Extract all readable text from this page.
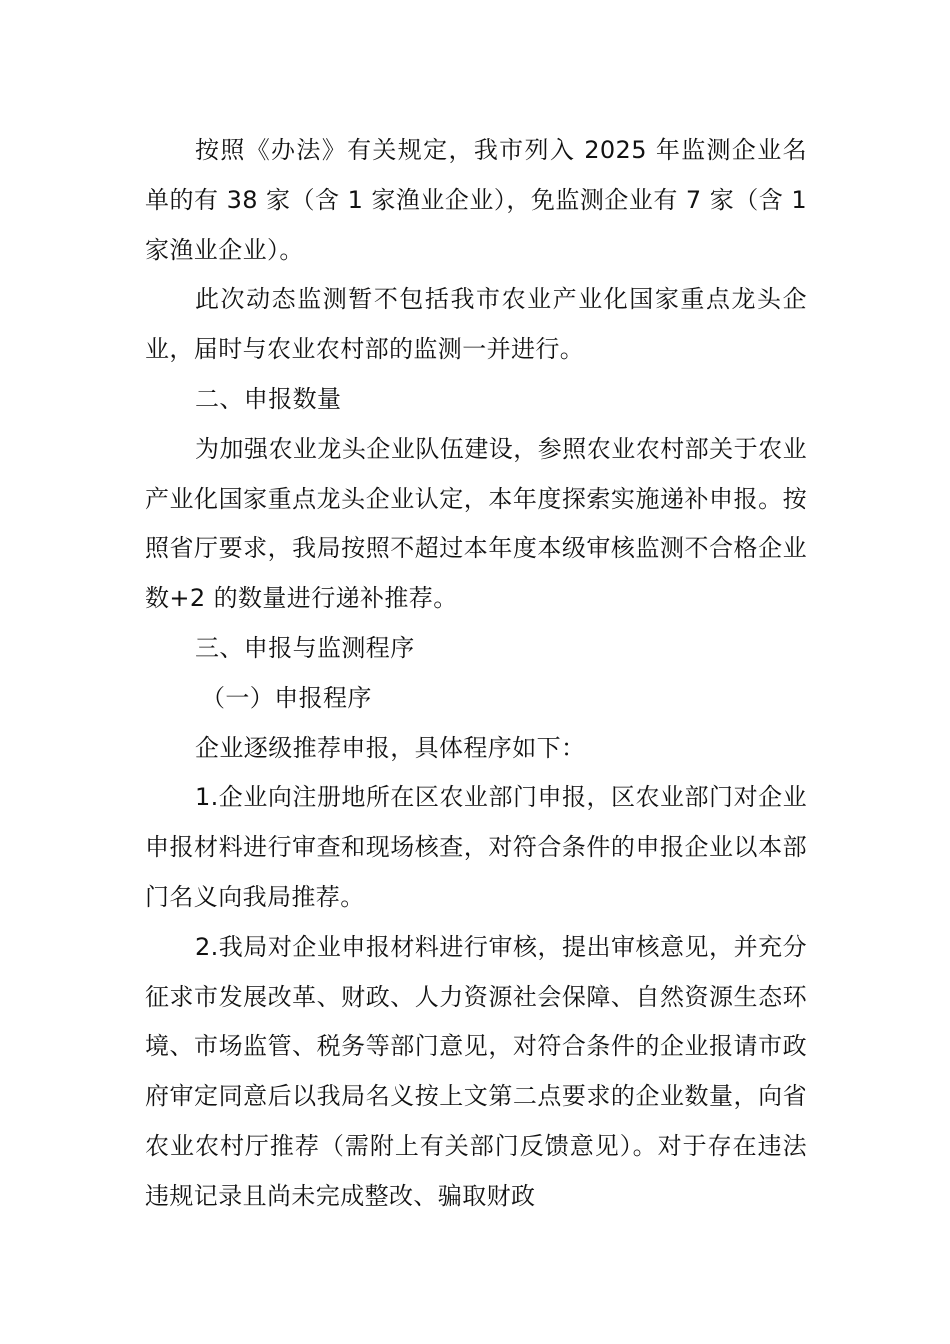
按照《办法》有关规定，我市列入 2025 年监测企业名单的有 38 家（含 1 家渔业企业），免监测企业有 7 家（含 1 家渔业企业）。

此次动态监测暂不包括我市农业产业化国家重点龙头企业，届时与农业农村部的监测一并进行。

二、申报数量

为加强农业龙头企业队伍建设，参照农业农村部关于农业产业化国家重点龙头企业认定，本年度探索实施递补申报。按照省厅要求，我局按照不超过本年度本级审核监测不合格企业数+2 的数量进行递补推荐。

三、申报与监测程序

（一）申报程序

企业逐级推荐申报，具体程序如下：

1.企业向注册地所在区农业部门申报，区农业部门对企业申报材料进行审查和现场核查，对符合条件的申报企业以本部门名义向我局推荐。

2.我局对企业申报材料进行审核，提出审核意见，并充分征求市发展改革、财政、人力资源社会保障、自然资源生态环境、市场监管、税务等部门意见，对符合条件的企业报请市政府审定同意后以我局名义按上文第二点要求的企业数量，向省农业农村厅推荐（需附上有关部门反馈意见）。对于存在违法违规记录且尚未完成整改、骗取财政
